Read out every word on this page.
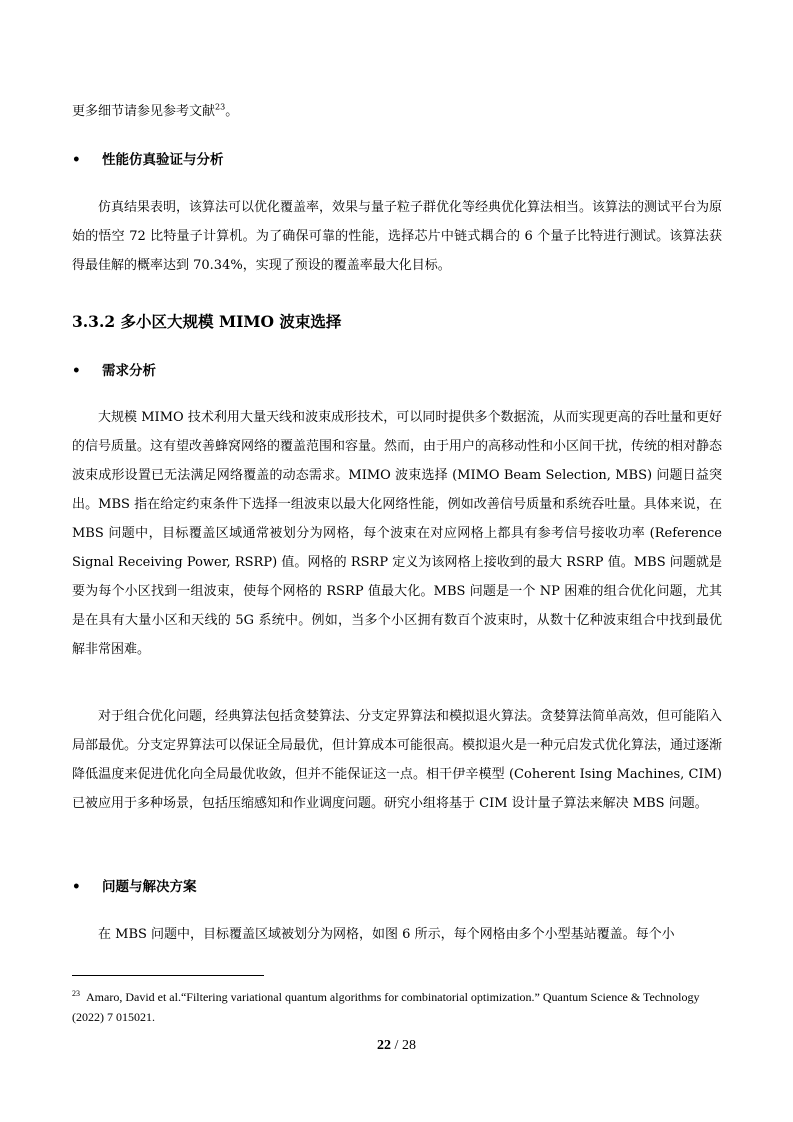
更多细节请参见参考文献$^{23}$。

• 性能仿真验证与分析

仿真结果表明，该算法可以优化覆盖率，效果与量子粒子群优化等经典优化算法相当。该算法的测试平台为原始的悟空 72 比特量子计算机。为了确保可靠的性能，选择芯片中链式耦合的 6 个量子比特进行测试。该算法获得最佳解的概率达到 70.34%，实现了预设的覆盖率最大化目标。

3.3.2 多小区大规模 MIMO 波束选择
• 需求分析

大规模 MIMO 技术利用大量天线和波束成形技术，可以同时提供多个数据流，从而实现更高的吞吐量和更好的信号质量。这有望改善蜂窝网络的覆盖范围和容量。然而，由于用户的高移动性和小区间干扰，传统的相对静态波束成形设置已无法满足网络覆盖的动态需求。MIMO 波束选择 (MIMO Beam Selection, MBS) 问题日益突出。MBS 指在给定约束条件下选择一组波束以最大化网络性能，例如改善信号质量和系统吞吐量。具体来说，在 MBS 问题中，目标覆盖区域通常被划分为网格，每个波束在对应网格上都具有参考信号接收功率 (Reference Signal Receiving Power, RSRP) 值。网格的 RSRP 定义为该网格上接收到的最大 RSRP 值。MBS 问题就是要为每个小区找到一组波束，使每个网格的 RSRP 值最大化。MBS 问题是一个 NP 困难的组合优化问题，尤其是在具有大量小区和天线的 5G 系统中。例如，当多个小区拥有数百个波束时，从数十亿种波束组合中找到最优解非常困难。

对于组合优化问题，经典算法包括贪婪算法、分支定界算法和模拟退火算法。贪婪算法简单高效，但可能陷入局部最优。分支定界算法可以保证全局最优，但计算成本可能很高。模拟退火是一种元启发式优化算法，通过逐渐降低温度来促进优化向全局最优收敛，但并不能保证这一点。相干伊辛模型 (Coherent Ising Machines, CIM) 已被应用于多种场景，包括压缩感知和作业调度问题。研究小组将基于 CIM 设计量子算法来解决 MBS 问题。

• 问题与解决方案

在 MBS 问题中，目标覆盖区域被划分为网格，如图 6 所示，每个网格由多个小型基站覆盖。每个小

$^{23}$ Amaro, David et al.“Filtering variational quantum algorithms for combinatorial optimization.” Quantum Science & Technology (2022) 7 015021.
22 / 28
